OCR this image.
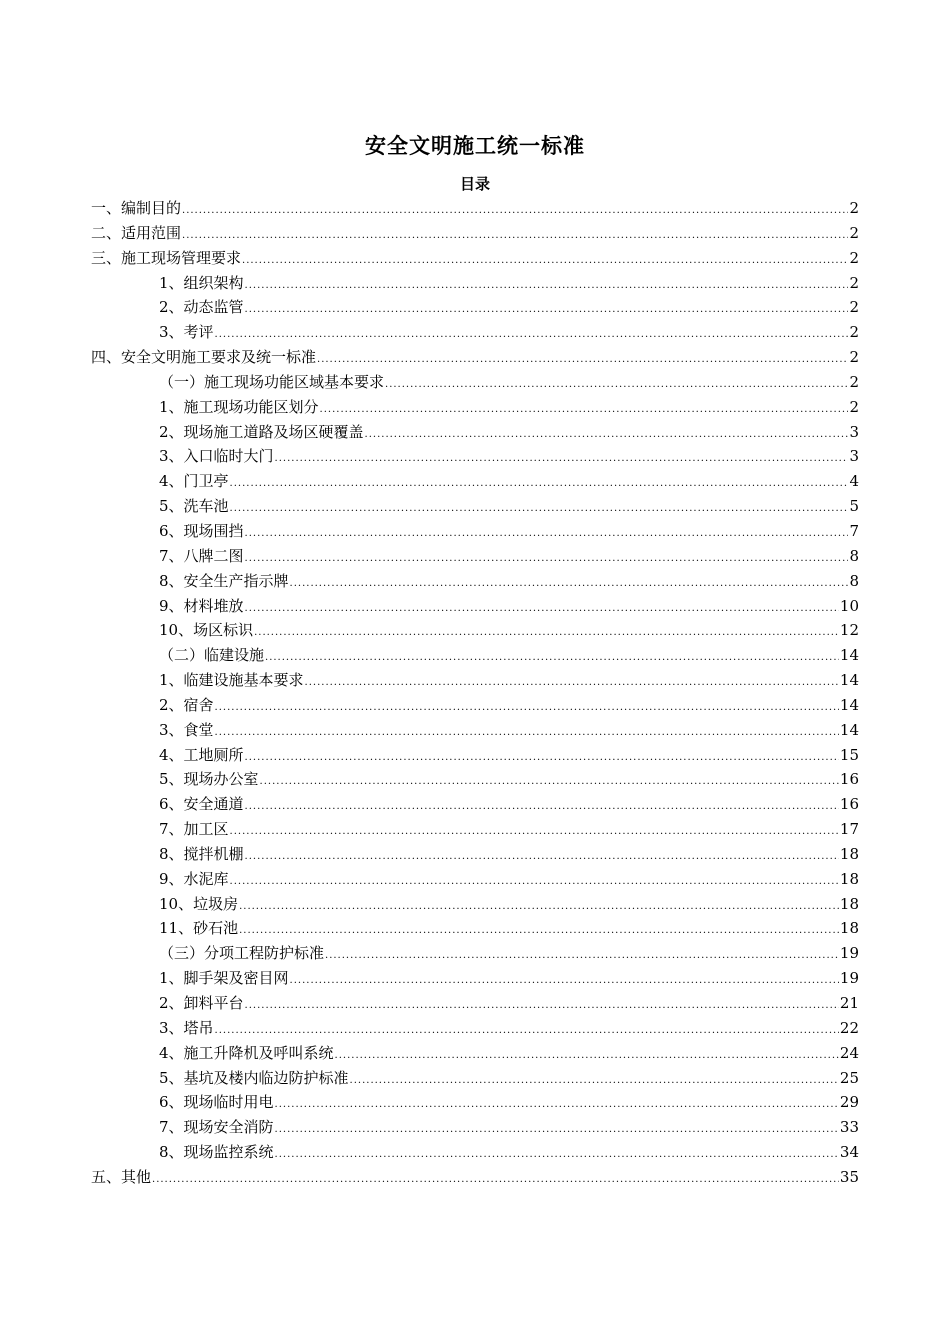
安全文明施工统一标准
目录
一、编制目的 .....	2
二、适用范围 .....	2
三、施工现场管理要求 .....	2
1、组织架构 .....	2
2、动态监管 .....	2
3、考评 .....	2
四、安全文明施工要求及统一标准 .....	2
（一）施工现场功能区域基本要求 .....	2
1、施工现场功能区划分 .....	2
2、现场施工道路及场区硬覆盖 .....	3
3、入口临时大门 .....	3
4、门卫亭 .....	4
5、洗车池 .....	5
6、现场围挡 .....	7
7、八牌二图 .....	8
8、安全生产指示牌 .....	8
9、材料堆放 .....	10
10、场区标识 .....	12
（二）临建设施 .....	14
1、临建设施基本要求 .....	14
2、宿舍 .....	14
3、食堂 .....	14
4、工地厕所 .....	15
5、现场办公室 .....	16
6、安全通道 .....	16
7、加工区 .....	17
8、搅拌机棚 .....	18
9、水泥库 .....	18
10、垃圾房 .....	18
11、砂石池 .....	18
（三）分项工程防护标准 .....	19
1、脚手架及密目网 .....	19
2、卸料平台 .....	21
3、塔吊 .....	22
4、施工升降机及呼叫系统 .....	24
5、基坑及楼内临边防护标准 .....	25
6、现场临时用电 .....	29
7、现场安全消防 .....	33
8、现场监控系统 .....	34
五、其他 .....	35
